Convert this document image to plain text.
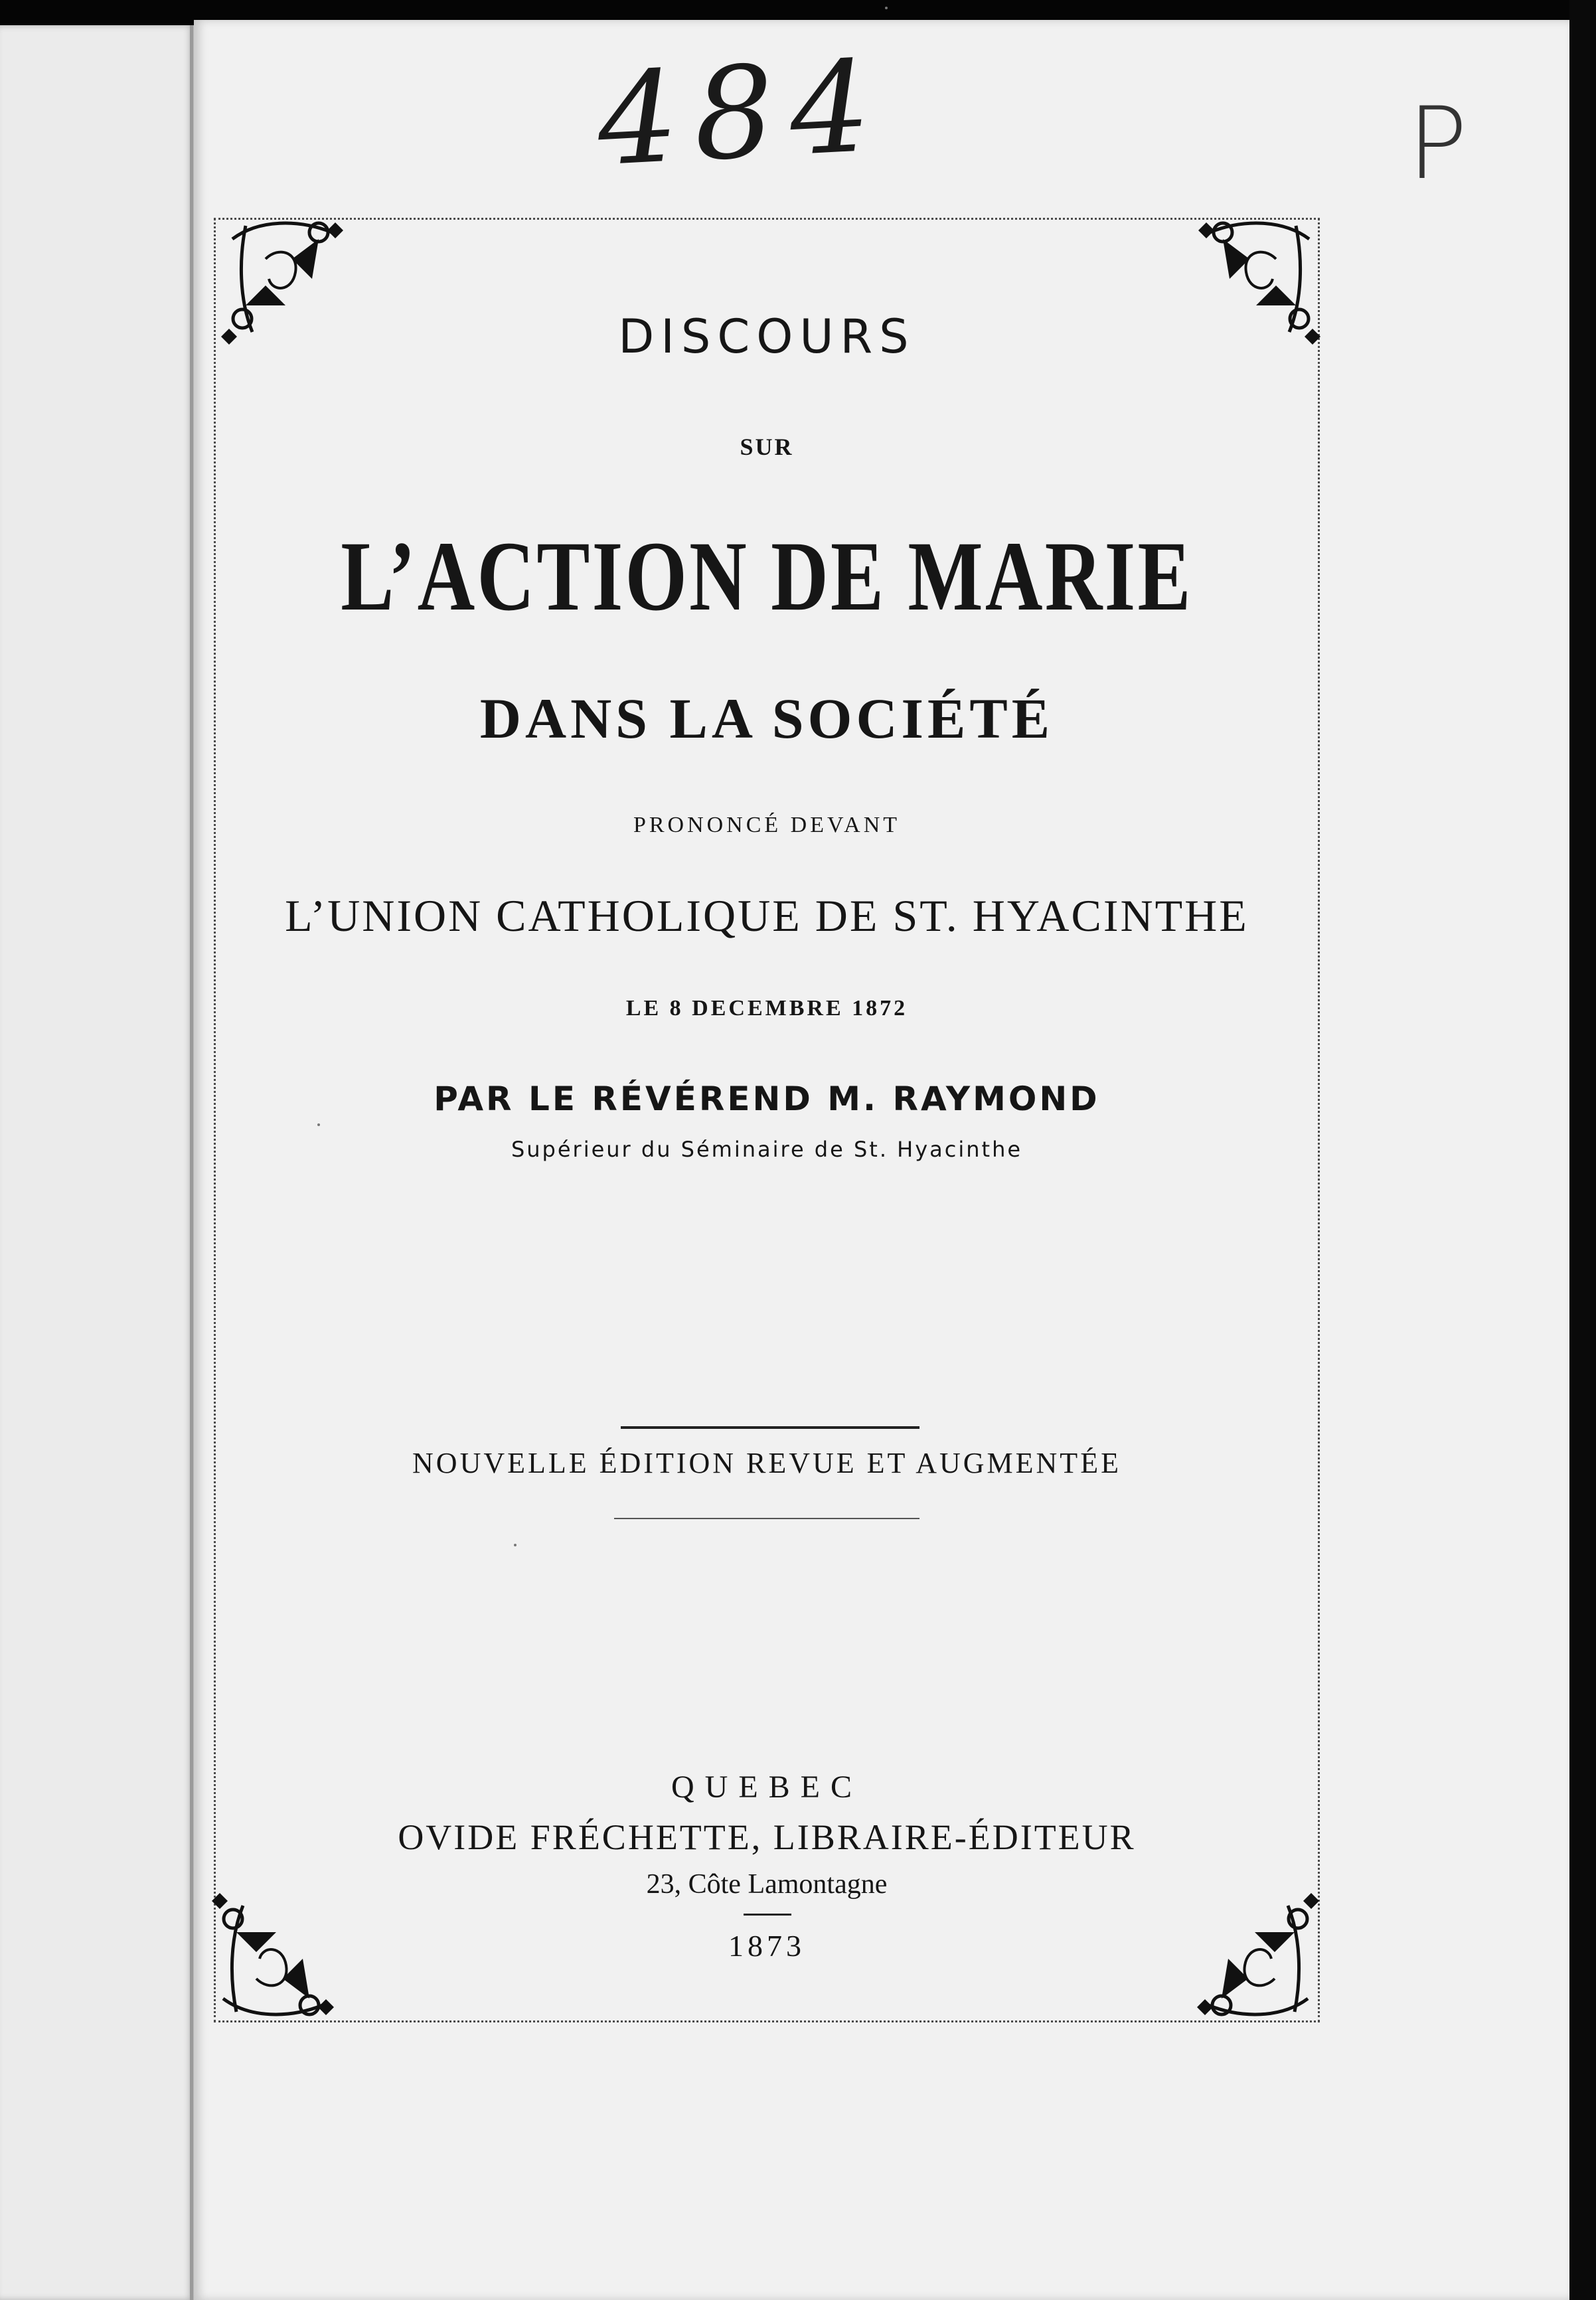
484	P

DISCOURS

SUR

L’ACTION DE MARIE

DANS LA SOCIÉTÉ

PRONONCÉ DEVANT

L’UNION CATHOLIQUE DE ST. HYACINTHE

LE 8 DECEMBRE 1872

PAR LE RÉVÉREND M. RAYMOND

Supérieur du Séminaire de St. Hyacinthe

NOUVELLE ÉDITION REVUE ET AUGMENTÉE

QUEBEC

OVIDE FRÉCHETTE, LIBRAIRE-ÉDITEUR

23, Côte Lamontagne

1873
